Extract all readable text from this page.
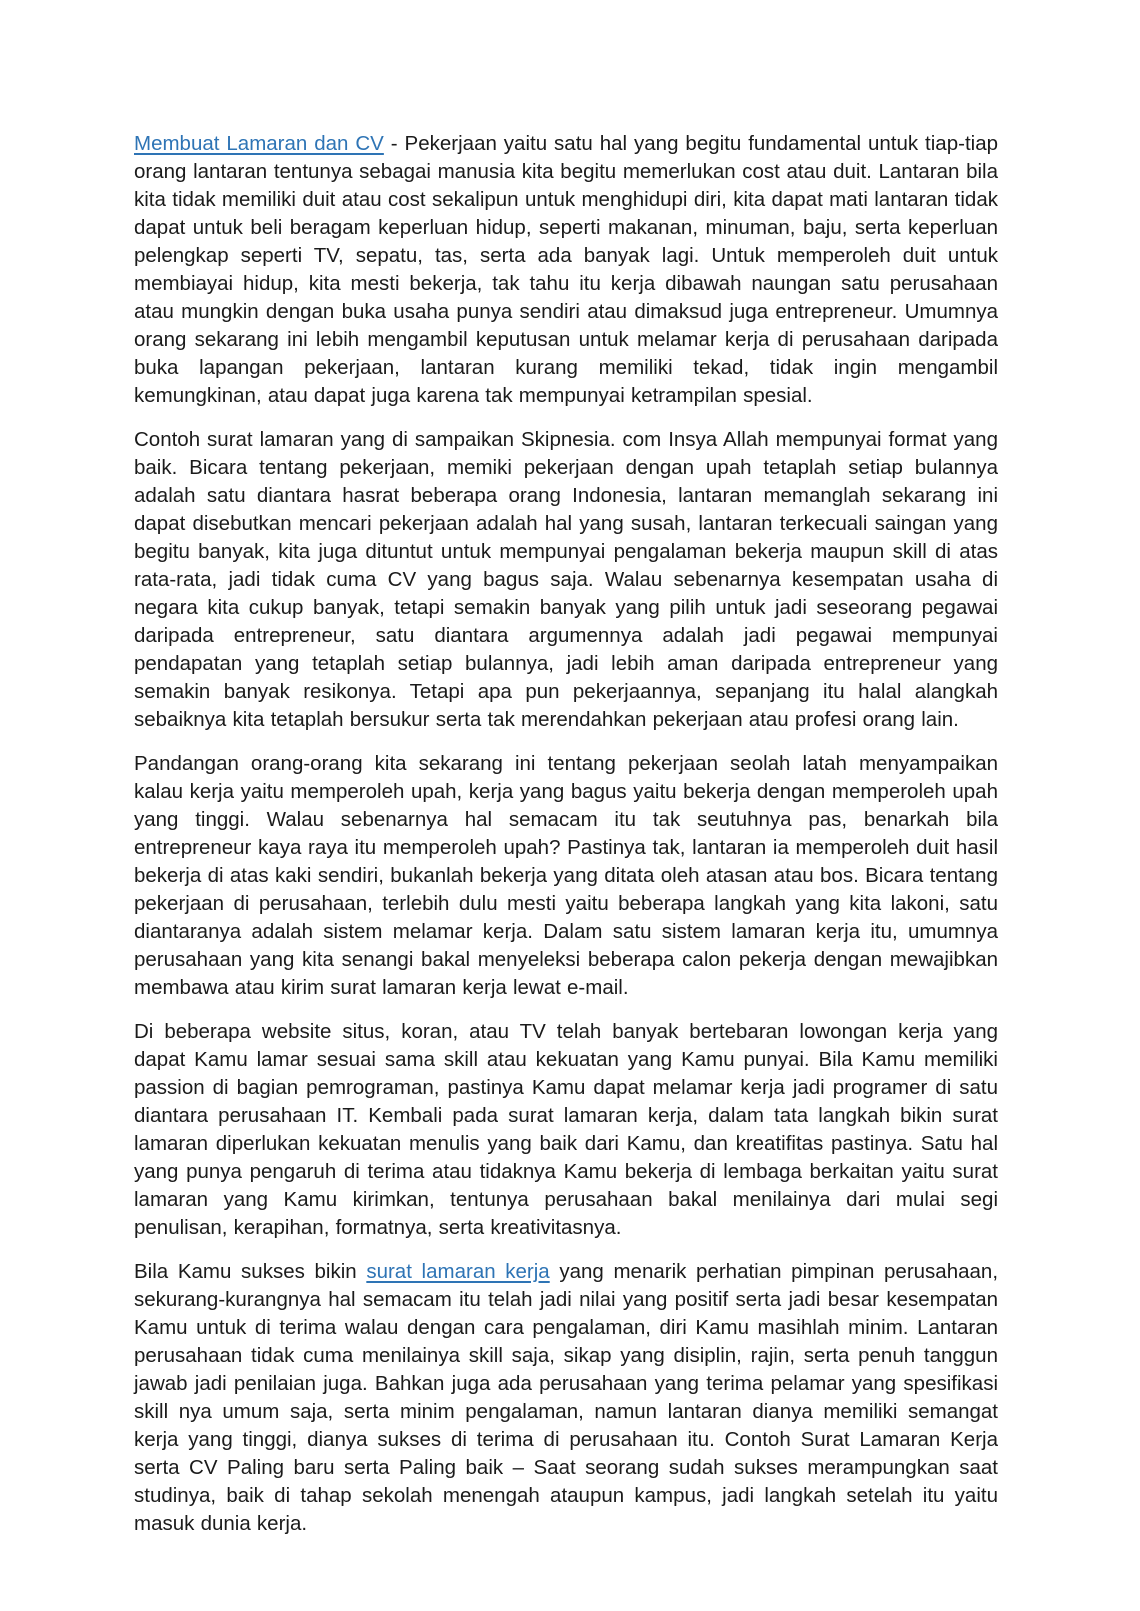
Membuat Lamaran dan CV - Pekerjaan yaitu satu hal yang begitu fundamental untuk tiap-tiap orang lantaran tentunya sebagai manusia kita begitu memerlukan cost atau duit. Lantaran bila kita tidak memiliki duit atau cost sekalipun untuk menghidupi diri, kita dapat mati lantaran tidak dapat untuk beli beragam keperluan hidup, seperti makanan, minuman, baju, serta keperluan pelengkap seperti TV, sepatu, tas, serta ada banyak lagi. Untuk memperoleh duit untuk membiayai hidup, kita mesti bekerja, tak tahu itu kerja dibawah naungan satu perusahaan atau mungkin dengan buka usaha punya sendiri atau dimaksud juga entrepreneur. Umumnya orang sekarang ini lebih mengambil keputusan untuk melamar kerja di perusahaan daripada buka lapangan pekerjaan, lantaran kurang memiliki tekad, tidak ingin mengambil kemungkinan, atau dapat juga karena tak mempunyai ketrampilan spesial.

Contoh surat lamaran yang di sampaikan Skipnesia. com Insya Allah mempunyai format yang baik. Bicara tentang pekerjaan, memiki pekerjaan dengan upah tetaplah setiap bulannya adalah satu diantara hasrat beberapa orang Indonesia, lantaran memanglah sekarang ini dapat disebutkan mencari pekerjaan adalah hal yang susah, lantaran terkecuali saingan yang begitu banyak, kita juga dituntut untuk mempunyai pengalaman bekerja maupun skill di atas rata-rata, jadi tidak cuma CV yang bagus saja. Walau sebenarnya kesempatan usaha di negara kita cukup banyak, tetapi semakin banyak yang pilih untuk jadi seseorang pegawai daripada entrepreneur, satu diantara argumennya adalah jadi pegawai mempunyai pendapatan yang tetaplah setiap bulannya, jadi lebih aman daripada entrepreneur yang semakin banyak resikonya. Tetapi apa pun pekerjaannya, sepanjang itu halal alangkah sebaiknya kita tetaplah bersukur serta tak merendahkan pekerjaan atau profesi orang lain.

Pandangan orang-orang kita sekarang ini tentang pekerjaan seolah latah menyampaikan kalau kerja yaitu memperoleh upah, kerja yang bagus yaitu bekerja dengan memperoleh upah yang tinggi. Walau sebenarnya hal semacam itu tak seutuhnya pas, benarkah bila entrepreneur kaya raya itu memperoleh upah? Pastinya tak, lantaran ia memperoleh duit hasil bekerja di atas kaki sendiri, bukanlah bekerja yang ditata oleh atasan atau bos. Bicara tentang pekerjaan di perusahaan, terlebih dulu mesti yaitu beberapa langkah yang kita lakoni, satu diantaranya adalah sistem melamar kerja. Dalam satu sistem lamaran kerja itu, umumnya perusahaan yang kita senangi bakal menyeleksi beberapa calon pekerja dengan mewajibkan membawa atau kirim surat lamaran kerja lewat e-mail.

Di beberapa website situs, koran, atau TV telah banyak bertebaran lowongan kerja yang dapat Kamu lamar sesuai sama skill atau kekuatan yang Kamu punyai. Bila Kamu memiliki passion di bagian pemrograman, pastinya Kamu dapat melamar kerja jadi programer di satu diantara perusahaan IT. Kembali pada surat lamaran kerja, dalam tata langkah bikin surat lamaran diperlukan kekuatan menulis yang baik dari Kamu, dan kreatifitas pastinya. Satu hal yang punya pengaruh di terima atau tidaknya Kamu bekerja di lembaga berkaitan yaitu surat lamaran yang Kamu kirimkan, tentunya perusahaan bakal menilainya dari mulai segi penulisan, kerapihan, formatnya, serta kreativitasnya.

Bila Kamu sukses bikin surat lamaran kerja yang menarik perhatian pimpinan perusahaan, sekurang-kurangnya hal semacam itu telah jadi nilai yang positif serta jadi besar kesempatan Kamu untuk di terima walau dengan cara pengalaman, diri Kamu masihlah minim. Lantaran perusahaan tidak cuma menilainya skill saja, sikap yang disiplin, rajin, serta penuh tanggun jawab jadi penilaian juga. Bahkan juga ada perusahaan yang terima pelamar yang spesifikasi skill nya umum saja, serta minim pengalaman, namun lantaran dianya memiliki semangat kerja yang tinggi, dianya sukses di terima di perusahaan itu. Contoh Surat Lamaran Kerja serta CV Paling baru serta Paling baik – Saat seorang sudah sukses merampungkan saat studinya, baik di tahap sekolah menengah ataupun kampus, jadi langkah setelah itu yaitu masuk dunia kerja.
